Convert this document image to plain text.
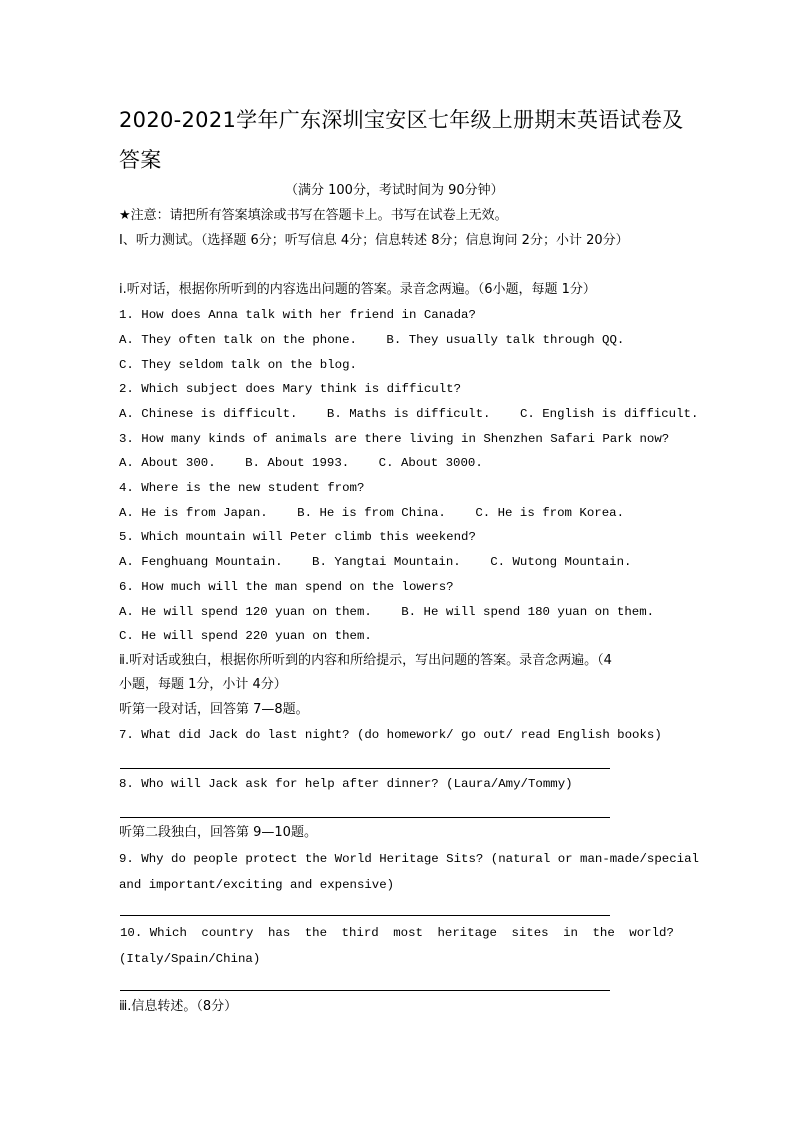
2020-2021学年广东深圳宝安区七年级上册期末英语试卷及
答案
（满分 100分，考试时间为 90分钟）
★注意：请把所有答案填涂或书写在答题卡上。书写在试卷上无效。
Ⅰ、听力测试。（选择题 6分；听写信息 4分；信息转述 8分；信息询问 2分；小计 20分）
ⅰ.听对话，根据你所听到的内容选出问题的答案。录音念两遍。（6小题，每题 1分）
1. How does Anna talk with her friend in Canada?
A. They often talk on the phone. B. They usually talk through QQ.
C. They seldom talk on the blog.
2. Which subject does Mary think is difficult?
A. Chinese is difficult. B. Maths is difficult. C. English is difficult.
3. How many kinds of animals are there living in Shenzhen Safari Park now?
A. About 300. B. About 1993. C. About 3000.
4. Where is the new student from?
A. He is from Japan. B. He is from China. C. He is from Korea.
5. Which mountain will Peter climb this weekend?
A. Fenghuang Mountain. B. Yangtai Mountain. C. Wutong Mountain.
6. How much will the man spend on the lowers?
A. He will spend 120 yuan on them. B. He will spend 180 yuan on them.
C. He will spend 220 yuan on them.
ⅱ.听对话或独白，根据你所听到的内容和所给提示，写出问题的答案。录音念两遍。（4
小题，每题 1分，小计 4分）
听第一段对话，回答第 7—8题。
7. What did Jack do last night? (do homework/ go out/ read English books)
8. Who will Jack ask for help after dinner? (Laura/Amy/Tommy)
听第二段独白，回答第 9—10题。
9. Why do people protect the World Heritage Sits? (natural or man-made/special
and important/exciting and expensive)
10. Which country has the third most heritage sites in the world?
(Italy/Spain/China)
ⅲ.信息转述。（8分）
